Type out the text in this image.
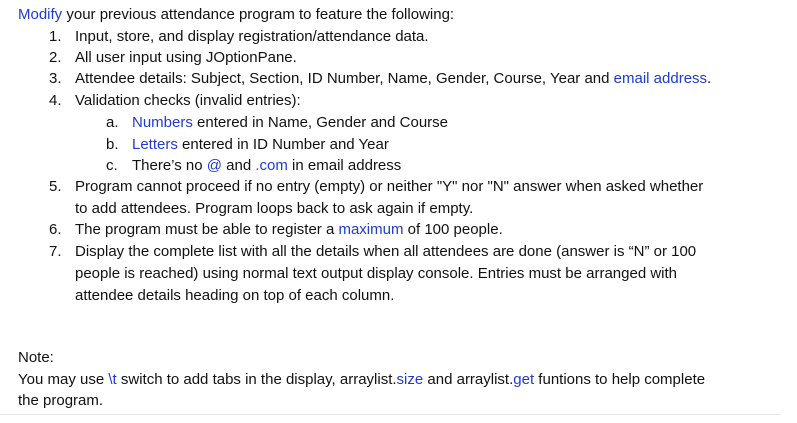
Modify your previous attendance program to feature the following:
1. Input, store, and display registration/attendance data.
2. All user input using JOptionPane.
3. Attendee details: Subject, Section, ID Number, Name, Gender, Course, Year and email address.
4. Validation checks (invalid entries):
a. Numbers entered in Name, Gender and Course
b. Letters entered in ID Number and Year
c. There’s no @ and .com in email address
5. Program cannot proceed if no entry (empty) or neither "Y" nor "N" answer when asked whether
to add attendees. Program loops back to ask again if empty.
6. The program must be able to register a maximum of 100 people.
7. Display the complete list with all the details when all attendees are done (answer is “N” or 100
people is reached) using normal text output display console. Entries must be arranged with
attendee details heading on top of each column.
Note:
You may use \t switch to add tabs in the display, arraylist.size and arraylist.get funtions to help complete
the program.
